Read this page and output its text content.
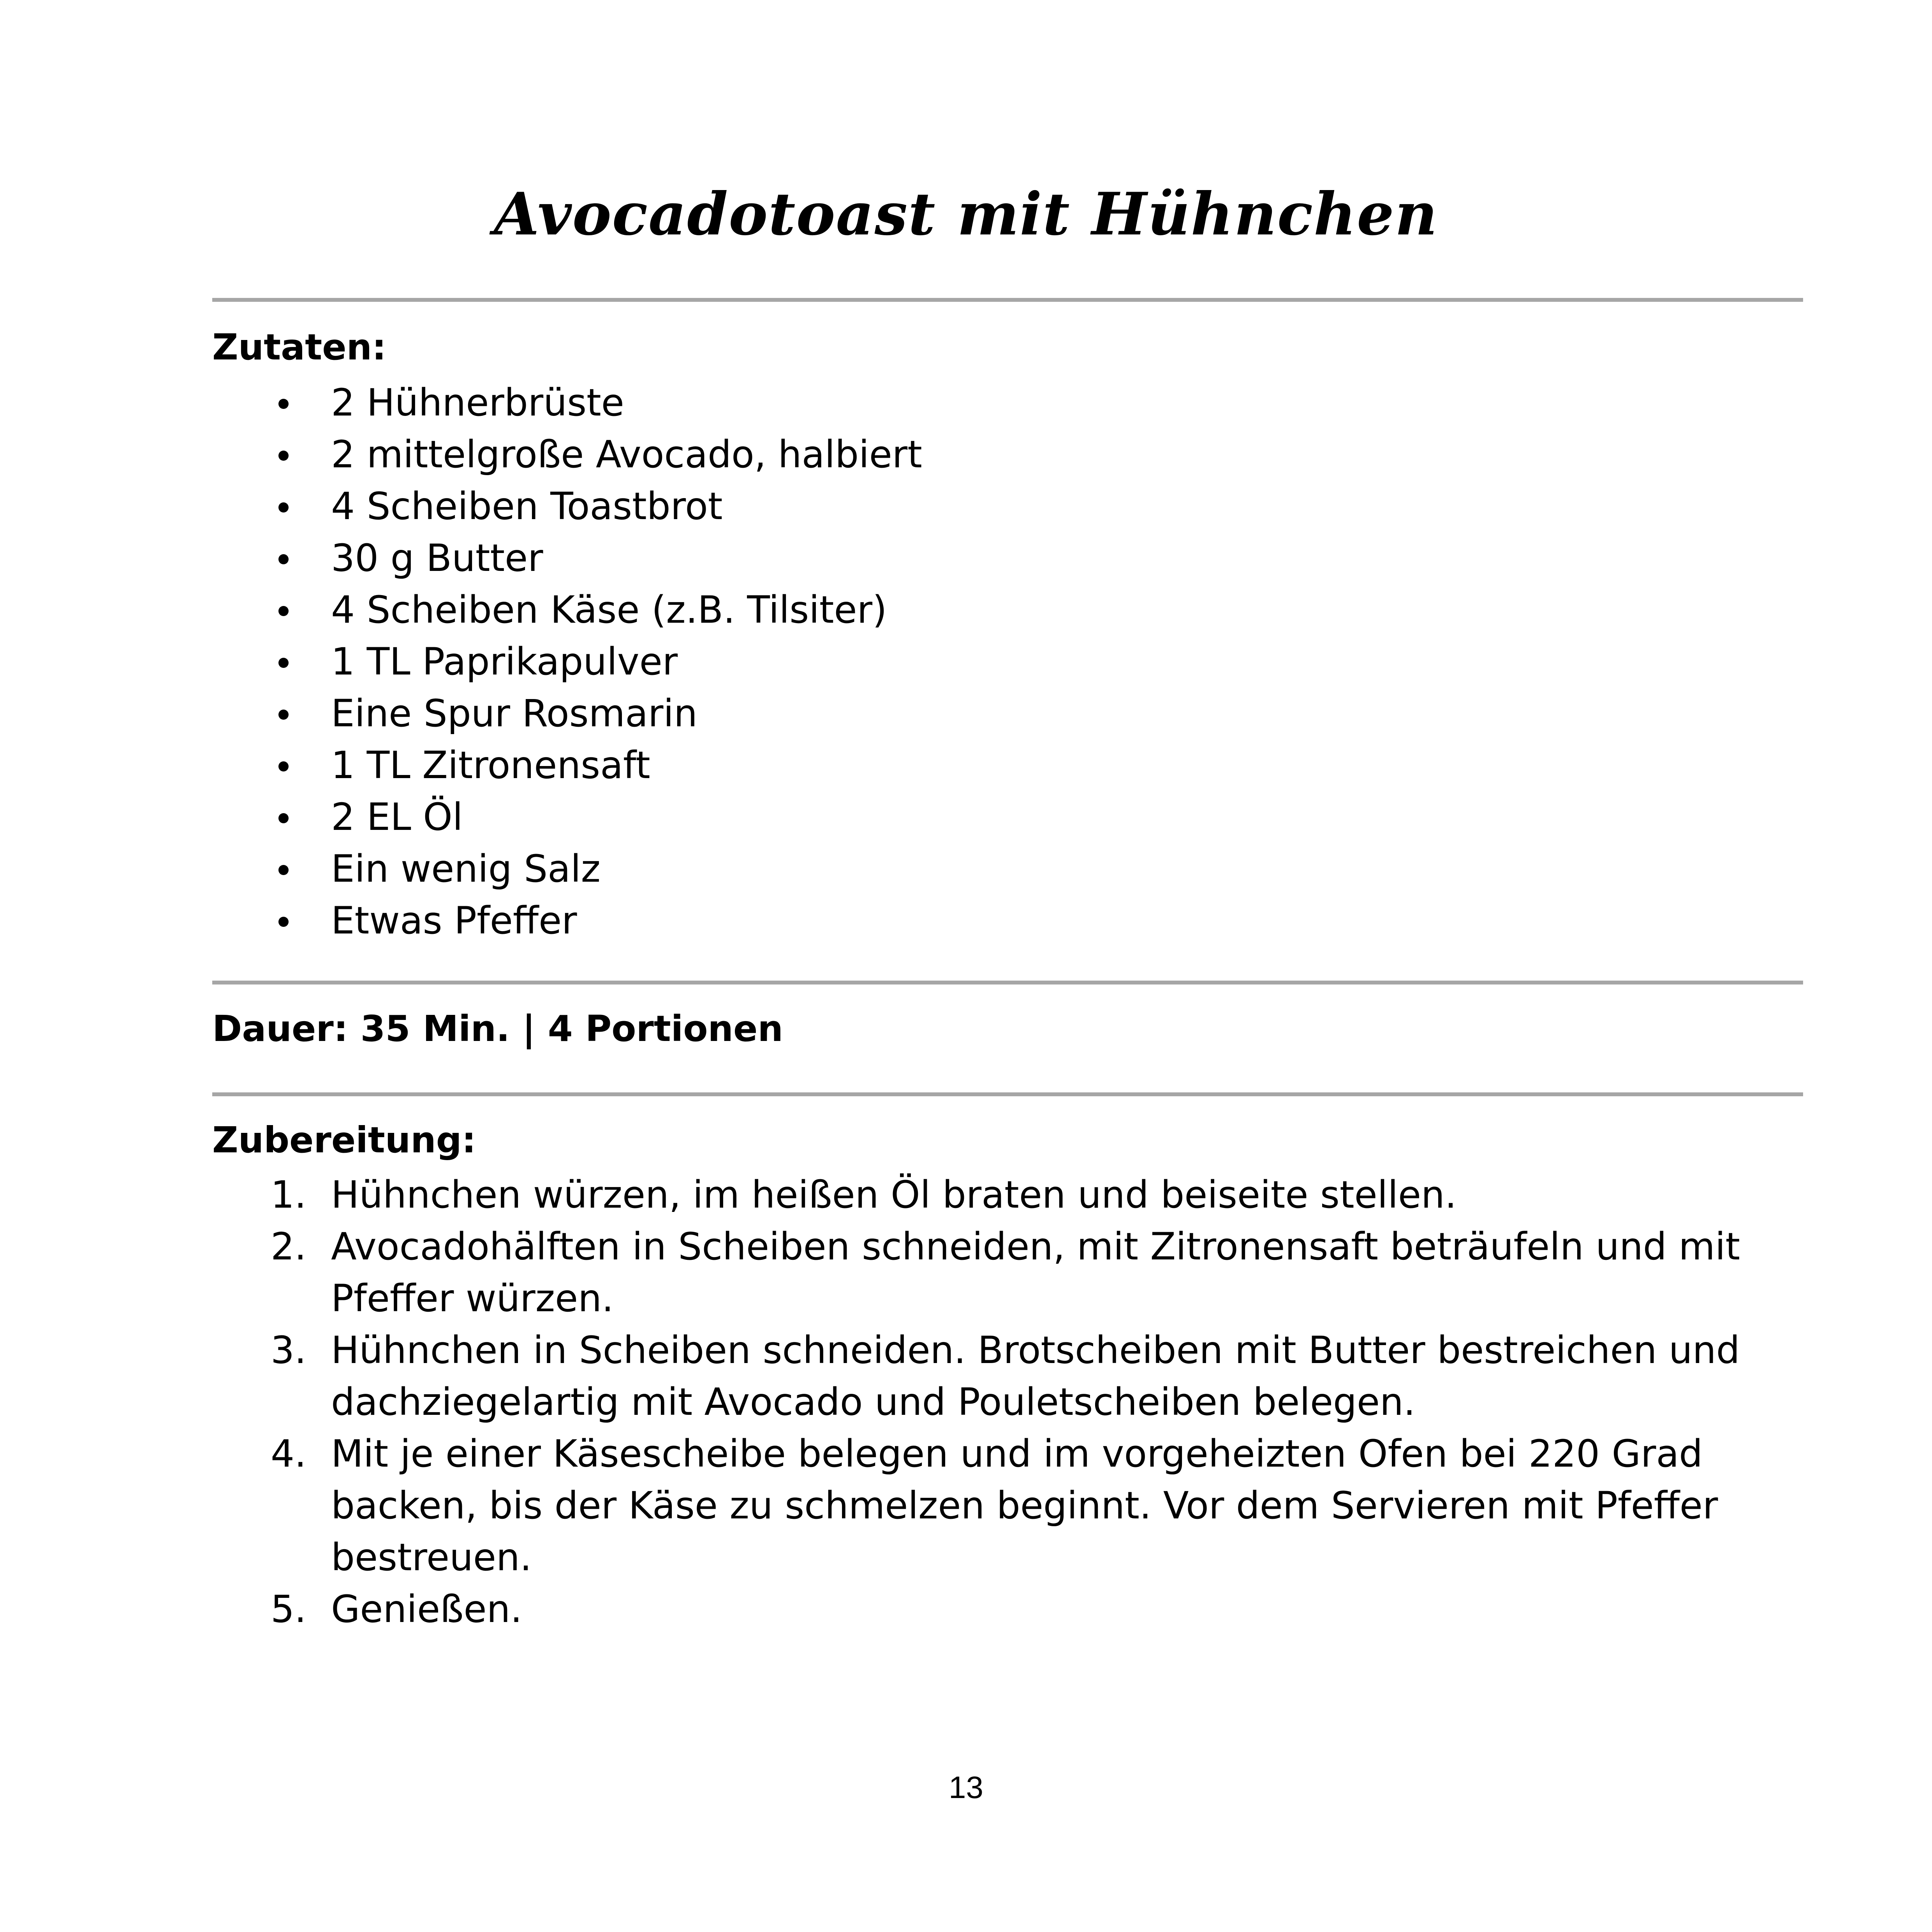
Avocadotoast mit Hühnchen
Zutaten:
2 Hühnerbrüste
2 mittelgroße Avocado, halbiert
4 Scheiben Toastbrot
30 g Butter
4 Scheiben Käse (z.B. Tilsiter)
1 TL Paprikapulver
Eine Spur Rosmarin
1 TL Zitronensaft
2 EL Öl
Ein wenig Salz
Etwas Pfeffer
Dauer: 35 Min. | 4 Portionen
Zubereitung:
1. Hühnchen würzen, im heißen Öl braten und beiseite stellen.
2. Avocadohälften in Scheiben schneiden, mit Zitronensaft beträufeln und mit Pfeffer würzen.
3. Hühnchen in Scheiben schneiden. Brotscheiben mit Butter bestreichen und dachziegelartig mit Avocado und Pouletscheiben belegen.
4. Mit je einer Käsescheibe belegen und im vorgeheizten Ofen bei 220 Grad backen, bis der Käse zu schmelzen beginnt. Vor dem Servieren mit Pfeffer bestreuen.
5. Genießen.
13
